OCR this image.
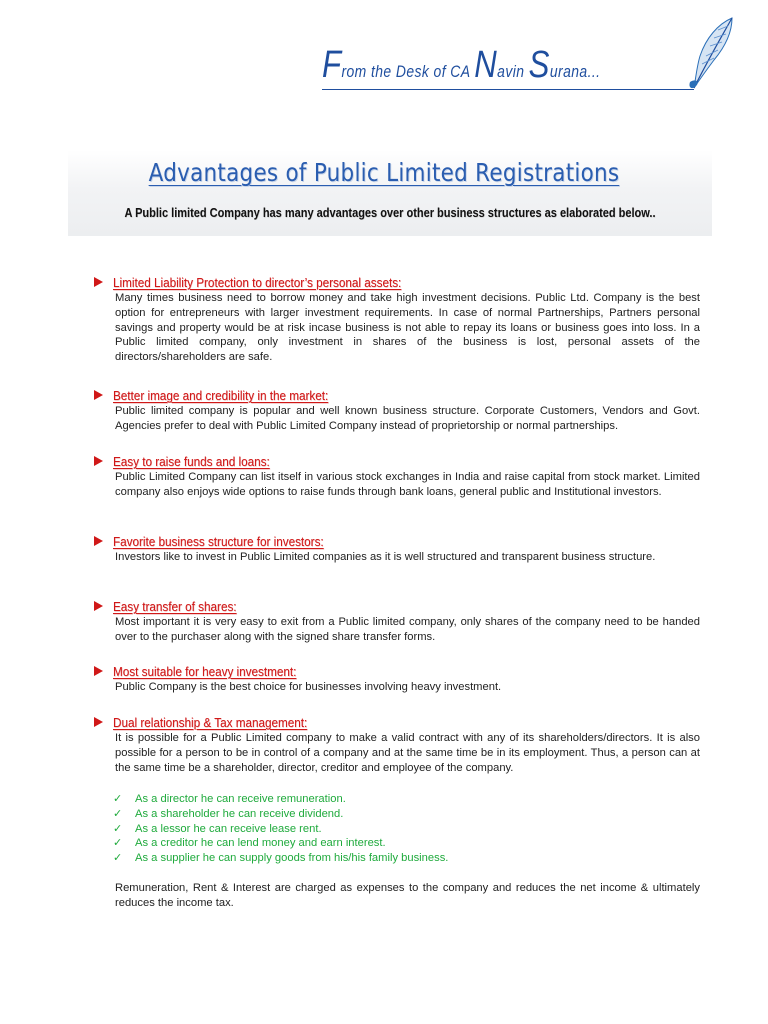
From the Desk of CA Navin Surana...
Advantages of Public Limited Registrations
A Public limited Company has many advantages over other business structures as elaborated below..
Limited Liability Protection to director’s personal assets:
Many times business need to borrow money and take high investment decisions. Public Ltd. Company is the best option for entrepreneurs with larger investment requirements. In case of normal Partnerships, Partners personal savings and property would be at risk incase business is not able to repay its loans or business goes into loss. In a Public limited company, only investment in shares of the business is lost, personal assets of the directors/shareholders are safe.
Better image and credibility in the market:
Public limited company is popular and well known business structure. Corporate Customers, Vendors and Govt. Agencies prefer to deal with Public Limited Company instead of proprietorship or normal partnerships.
Easy to raise funds and loans:
Public Limited Company can list itself in various stock exchanges in India and raise capital from stock market. Limited company also enjoys wide options to raise funds through bank loans, general public and Institutional investors.
Favorite business structure for investors:
Investors like to invest in Public Limited companies as it is well structured and transparent business structure.
Easy transfer of shares:
Most important it is very easy to exit from a Public limited company, only shares of the company need to be handed over to the purchaser along with the signed share transfer forms.
Most suitable for heavy investment:
Public Company is the best choice for businesses involving heavy investment.
Dual relationship & Tax management:
It is possible for a Public Limited company to make a valid contract with any of its shareholders/directors. It is also possible for a person to be in control of a company and at the same time be in its employment. Thus, a person can at the same time be a shareholder, director, creditor and employee of the company.
✓ As a director he can receive remuneration.
✓ As a shareholder he can receive dividend.
✓ As a lessor he can receive lease rent.
✓ As a creditor he can lend money and earn interest.
✓ As a supplier he can supply goods from his/his family business.
Remuneration, Rent & Interest are charged as expenses to the company and reduces the net income & ultimately reduces the income tax.
